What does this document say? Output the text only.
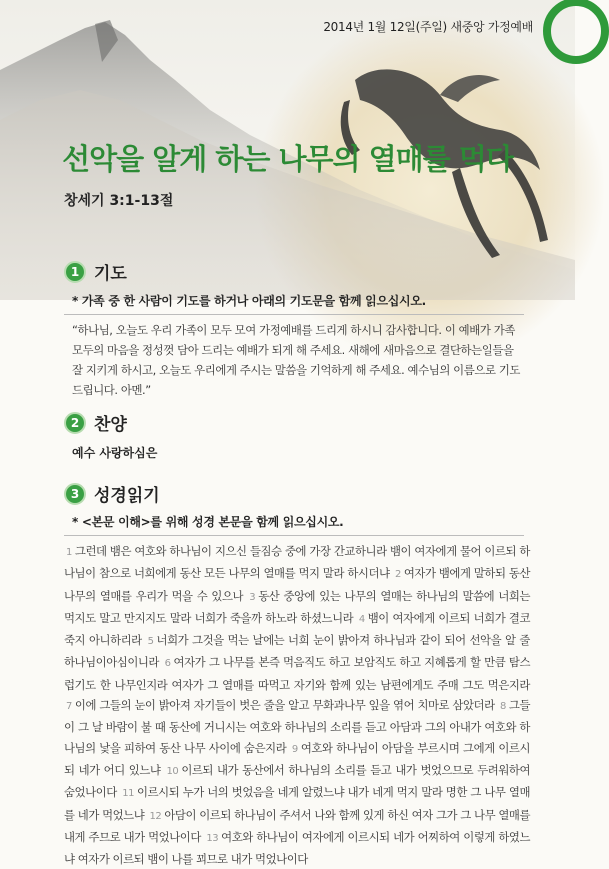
2014년 1월 12일(주일) 새중앙 가정예배
선악을 알게 하는 나무의 열매를 먹다
창세기 3:1-13절
1 기도
* 가족 중 한 사람이 기도를 하거나 아래의 기도문을 함께 읽으십시오.
“하나님, 오늘도 우리 가족이 모두 모여 가정예배를 드리게 하시니 감사합니다. 이 예배가 가족 모두의 마음을 정성껏 담아 드리는 예배가 되게 해 주세요. 새해에 새마음으로 결단하는일들을 잘 지키게 하시고, 오늘도 우리에게 주시는 말씀을 기억하게 해 주세요. 예수님의 이름으로 기도드립니다. 아멘.”
2 찬양
예수 사랑하심은
3 성경읽기
* <본문 이해>를 위해 성경 본문을 함께 읽으십시오.
1 그런데 뱀은 여호와 하나님이 지으신 들짐승 중에 가장 간교하니라 뱀이 여자에게 물어 이르되 하나님이 참으로 너희에게 동산 모든 나무의 열매를 먹지 말라 하시더냐 2 여자가 뱀에게 말하되 동산 나무의 열매를 우리가 먹을 수 있으나 3 동산 중앙에 있는 나무의 열매는 하나님의 말씀에 너희는 먹지도 말고 만지지도 말라 너희가 죽을까 하노라 하셨느니라 4 뱀이 여자에게 이르되 너희가 결코 죽지 아니하리라 5 너희가 그것을 먹는 날에는 너희 눈이 밝아져 하나님과 같이 되어 선악을 알 줄 하나님이아심이니라 6 여자가 그 나무를 본즉 먹음직도 하고 보암직도 하고 지혜롭게 할 만큼 탐스럽기도 한 나무인지라 여자가 그 열매를 따먹고 자기와 함께 있는 남편에게도 주매 그도 먹은지라 7 이에 그들의 눈이 밝아져 자기들이 벗은 줄을 알고 무화과나무 잎을 엮어 치마로 삼았더라 8 그들이 그 날 바람이 불 때 동산에 거니시는 여호와 하나님의 소리를 듣고 아담과 그의 아내가 여호와 하나님의 낯을 피하여 동산 나무 사이에 숨은지라 9 여호와 하나님이 아담을 부르시며 그에게 이르시되 네가 어디 있느냐 10 이르되 내가 동산에서 하나님의 소리를 듣고 내가 벗었으므로 두려워하여숨었나이다 11 이르시되 누가 너의 벗었음을 네게 알렸느냐 내가 네게 먹지 말라 명한 그 나무 열매를 네가 먹었느냐 12 아담이 이르되 하나님이 주셔서 나와 함께 있게 하신 여자 그가 그 나무 열매를 내게 주므로 내가 먹었나이다 13 여호와 하나님이 여자에게 이르시되 네가 어찌하여 이렇게 하였느냐 여자가 이르되 뱀이 나를 꾀므로 내가 먹었나이다
